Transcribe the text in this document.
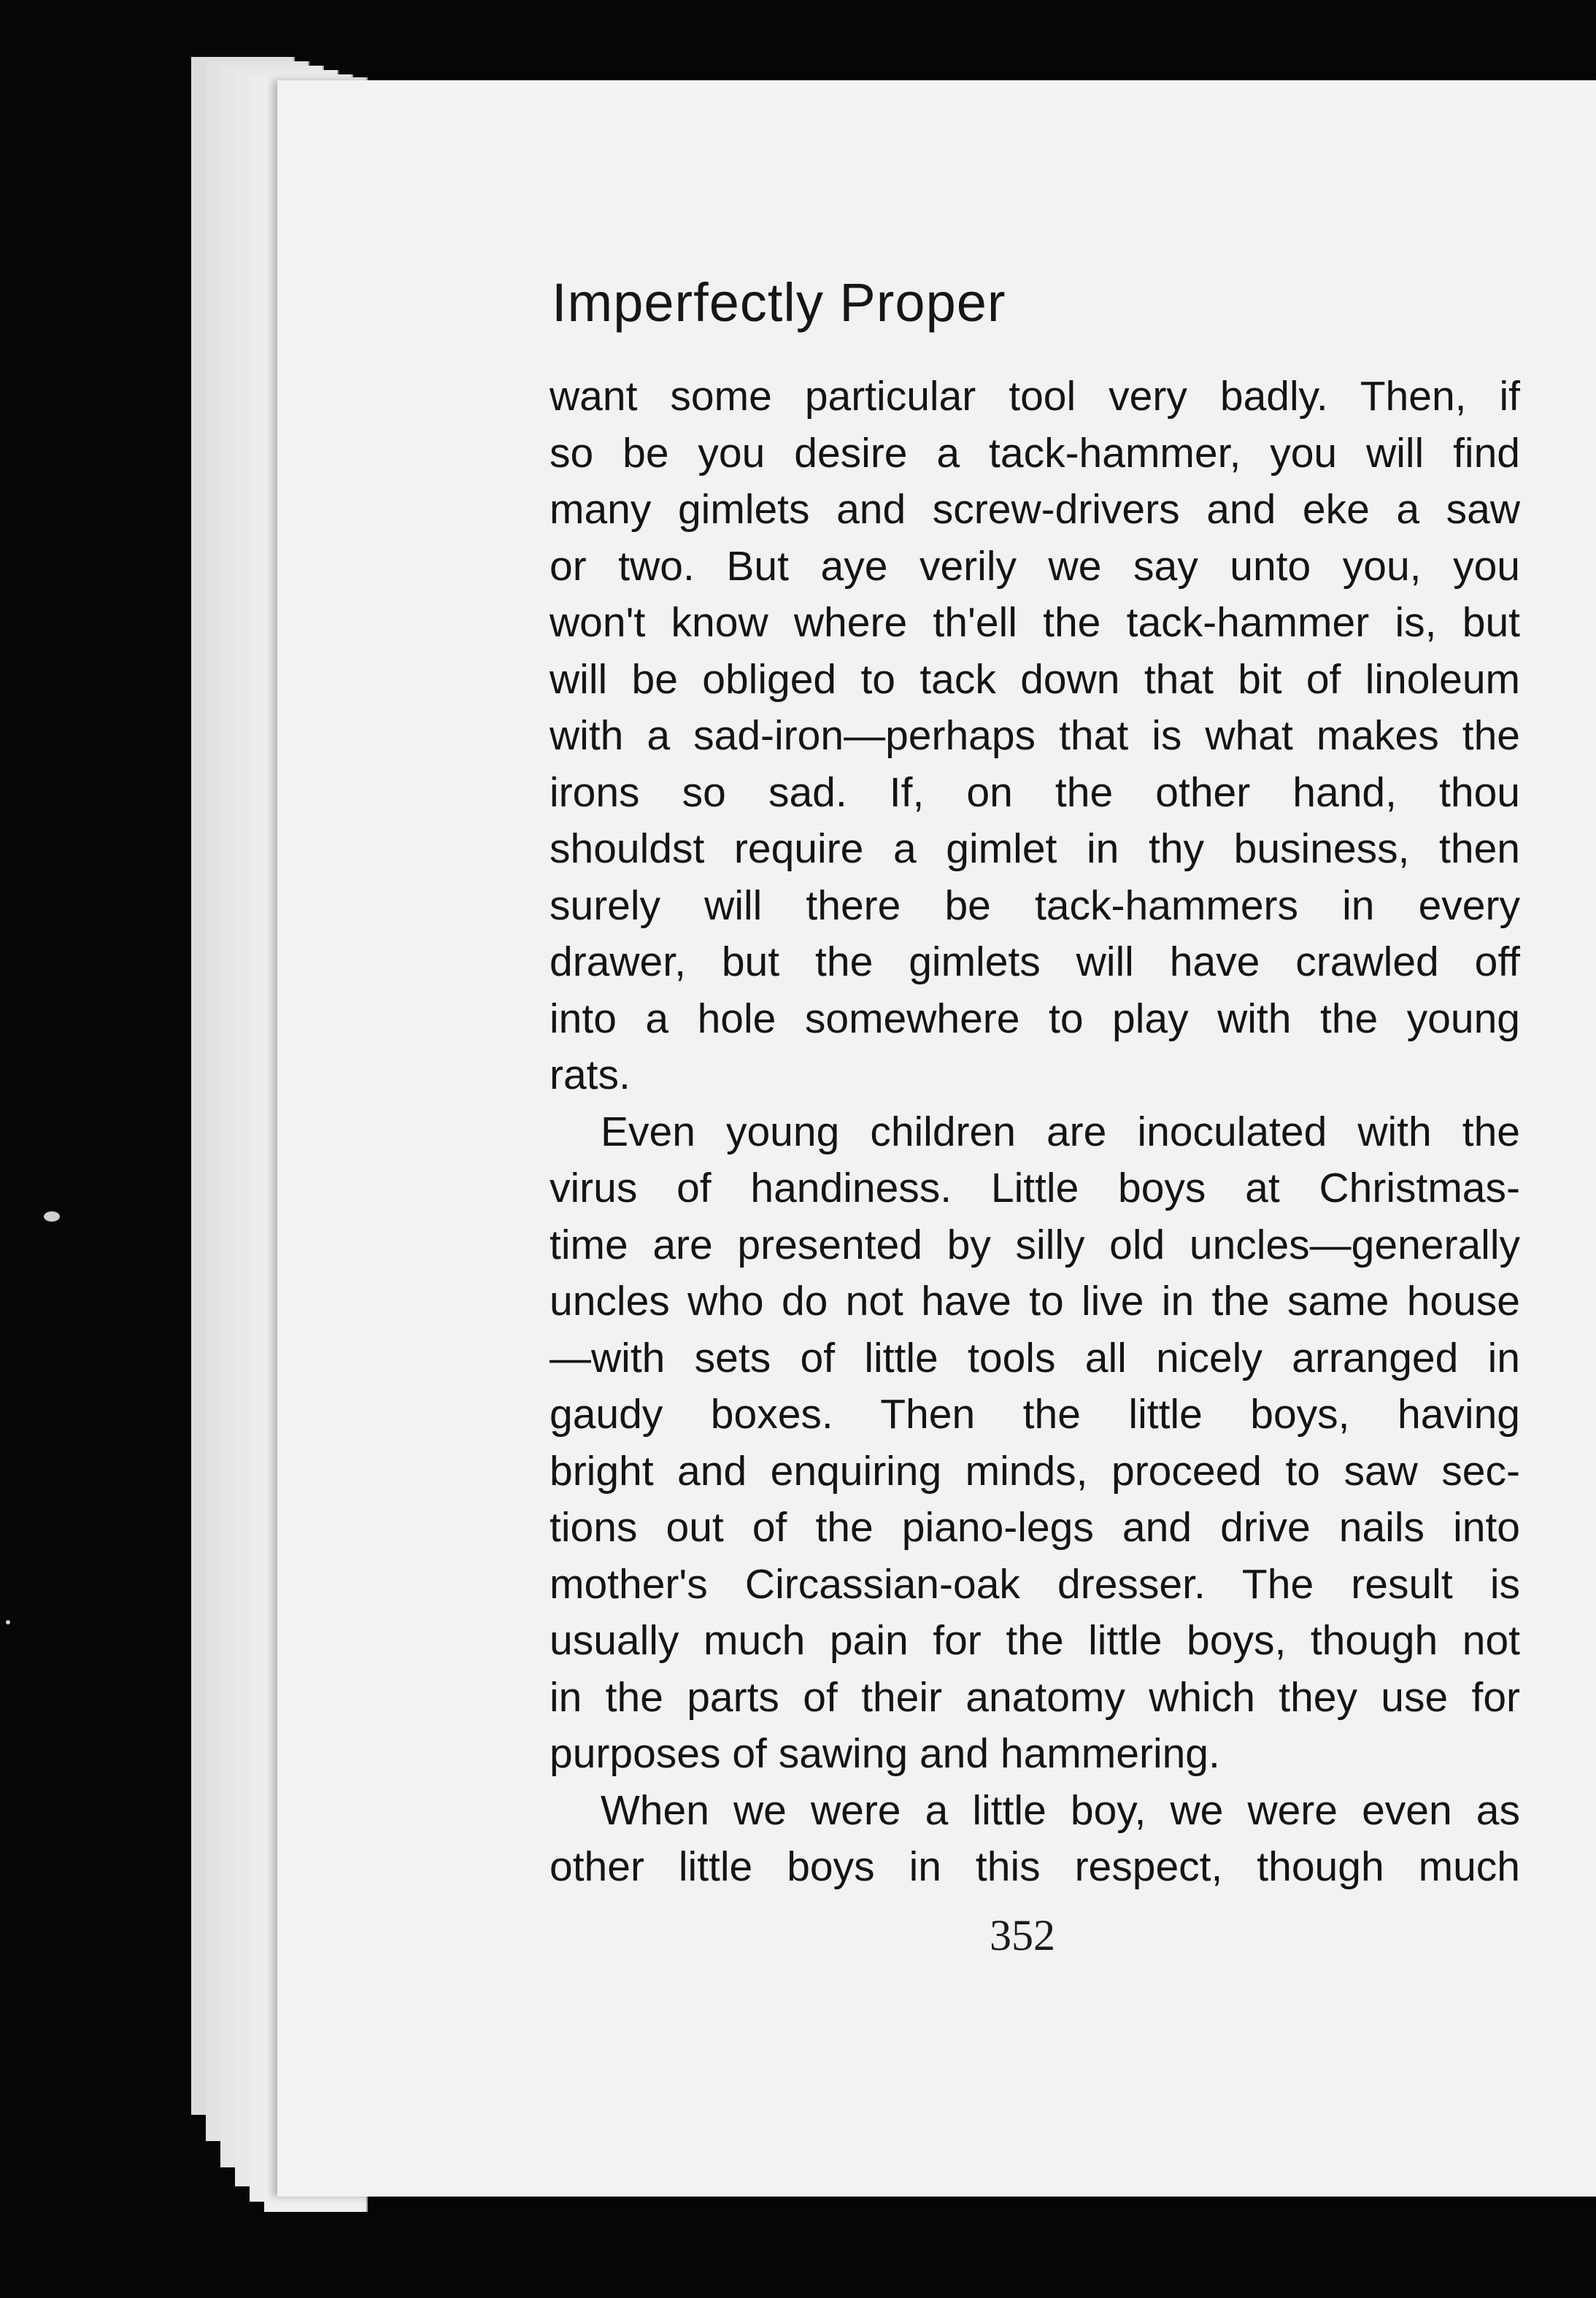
Imperfectly Proper
want some particular tool very badly. Then, if
so be you desire a tack-hammer, you will find
many gimlets and screw-drivers and eke a saw
or two. But aye verily we say unto you, you
won't know where th'ell the tack-hammer is, but
will be obliged to tack down that bit of linoleum
with a sad-iron—perhaps that is what makes the
irons so sad. If, on the other hand, thou
shouldst require a gimlet in thy business, then
surely will there be tack-hammers in every
drawer, but the gimlets will have crawled off
into a hole somewhere to play with the young
rats.
Even young children are inoculated with the
virus of handiness. Little boys at Christmas-
time are presented by silly old uncles—generally
uncles who do not have to live in the same house
—with sets of little tools all nicely arranged in
gaudy boxes. Then the little boys, having
bright and enquiring minds, proceed to saw sec-
tions out of the piano-legs and drive nails into
mother's Circassian-oak dresser. The result is
usually much pain for the little boys, though not
in the parts of their anatomy which they use for
purposes of sawing and hammering.
When we were a little boy, we were even as
other little boys in this respect, though much
352
